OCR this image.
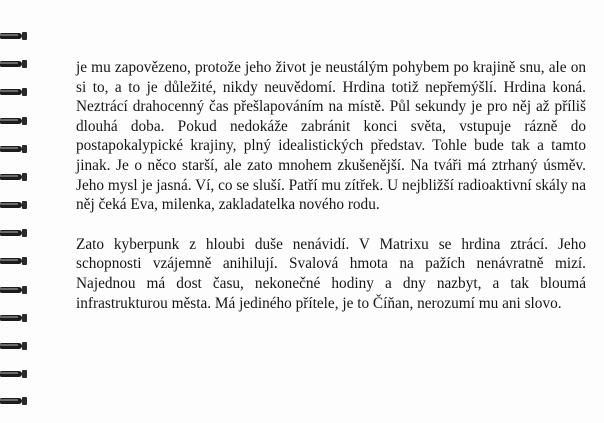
je mu zapovězeno, protože jeho život je neustálým pohybem po krajině snu, ale on si to, a to je důležité, nikdy neuvědomí. Hrdina totiž nepřemýšlí. Hrdina koná. Neztrácí drahocenný čas přešlapováním na místě. Půl sekundy je pro něj až příliš dlouhá doba. Pokud nedokáže zabránit konci světa, vstupuje rázně do postapokalypické krajiny, plný idealistických představ. Tohle bude tak a tamto jinak. Je o něco starší, ale zato mnohem zkušenější. Na tváři má ztrhaný úsměv. Jeho mysl je jasná. Ví, co se sluší. Patří mu zítřek. U nejbližší radioaktivní skály na něj čeká Eva, milenka, zakladatelka nového rodu.

Zato kyberpunk z hloubi duše nenávidí. V Matrixu se hrdina ztrácí. Jeho schopnosti vzájemně anihilují. Svalová hmota na pažích nenávratně mizí. Najednou má dost času, nekonečné hodiny a dny nazbyt, a tak bloumá infrastrukturou města. Má jediného přítele, je to Číňan, nerozumí mu ani slovo.
